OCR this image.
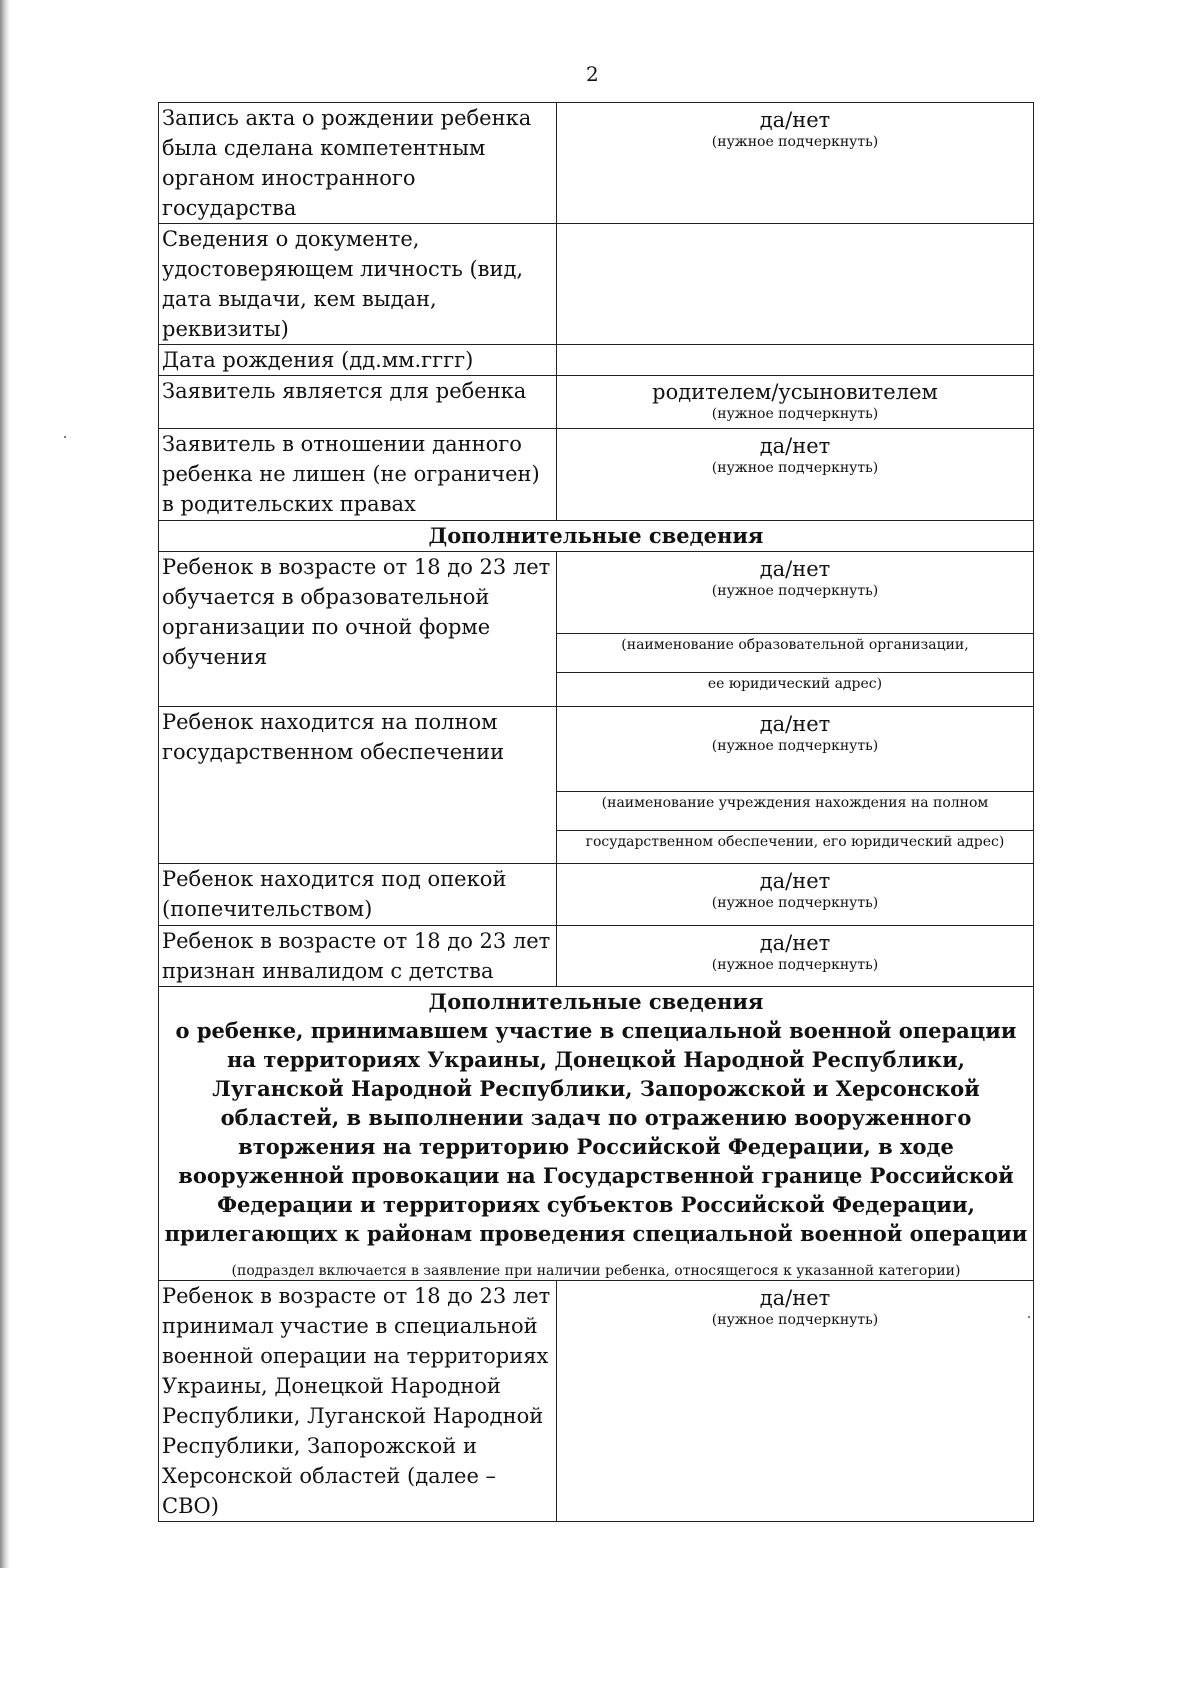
2
Запись акта о рождении ребенка была сделана компетентным органом иностранного государства	да/нет
(нужное подчеркнуть)

Сведения о документе, удостоверяющем личность (вид, дата выдачи, кем выдан, реквизиты)	

Дата рождения (дд.мм.гггг)	

Заявитель является для ребенка	родителем/усыновителем
(нужное подчеркнуть)

Заявитель в отношении данного ребенка не лишен (не ограничен) в родительских правах	да/нет
(нужное подчеркнуть)

Дополнительные сведения	
Ребенок в возрасте от 18 до 23 лет обучается в образовательной организации по очной форме обучения	да/нет
(нужное подчеркнуть)
(наименование образовательной организации,
ее юридический адрес)

Ребенок находится на полном государственном обеспечении	да/нет
(нужное подчеркнуть)
(наименование учреждения нахождения на полном
государственном обеспечении, его юридический адрес)

Ребенок находится под опекой (попечительством)	да/нет
(нужное подчеркнуть)

Ребенок в возрасте от 18 до 23 лет признан инвалидом с детства	да/нет
(нужное подчеркнуть)

Дополнительные сведения
о ребенке, принимавшем участие в специальной военной операции на территориях Украины, Донецкой Народной Республики, Луганской Народной Республики, Запорожской и Херсонской областей, в выполнении задач по отражению вооруженного вторжения на территорию Российской Федерации, в ходе вооруженной провокации на Государственной границе Российской Федерации и территориях субъектов Российской Федерации, прилегающих к районам проведения специальной военной операции
(подраздел включается в заявление при наличии ребенка, относящегося к указанной категории)	

Ребенок в возрасте от 18 до 23 лет принимал участие в специальной военной операции на территориях Украины, Донецкой Народной Республики, Луганской Народной Республики, Запорожской и Херсонской областей (далее – СВО)	да/нет
(нужное подчеркнуть)
